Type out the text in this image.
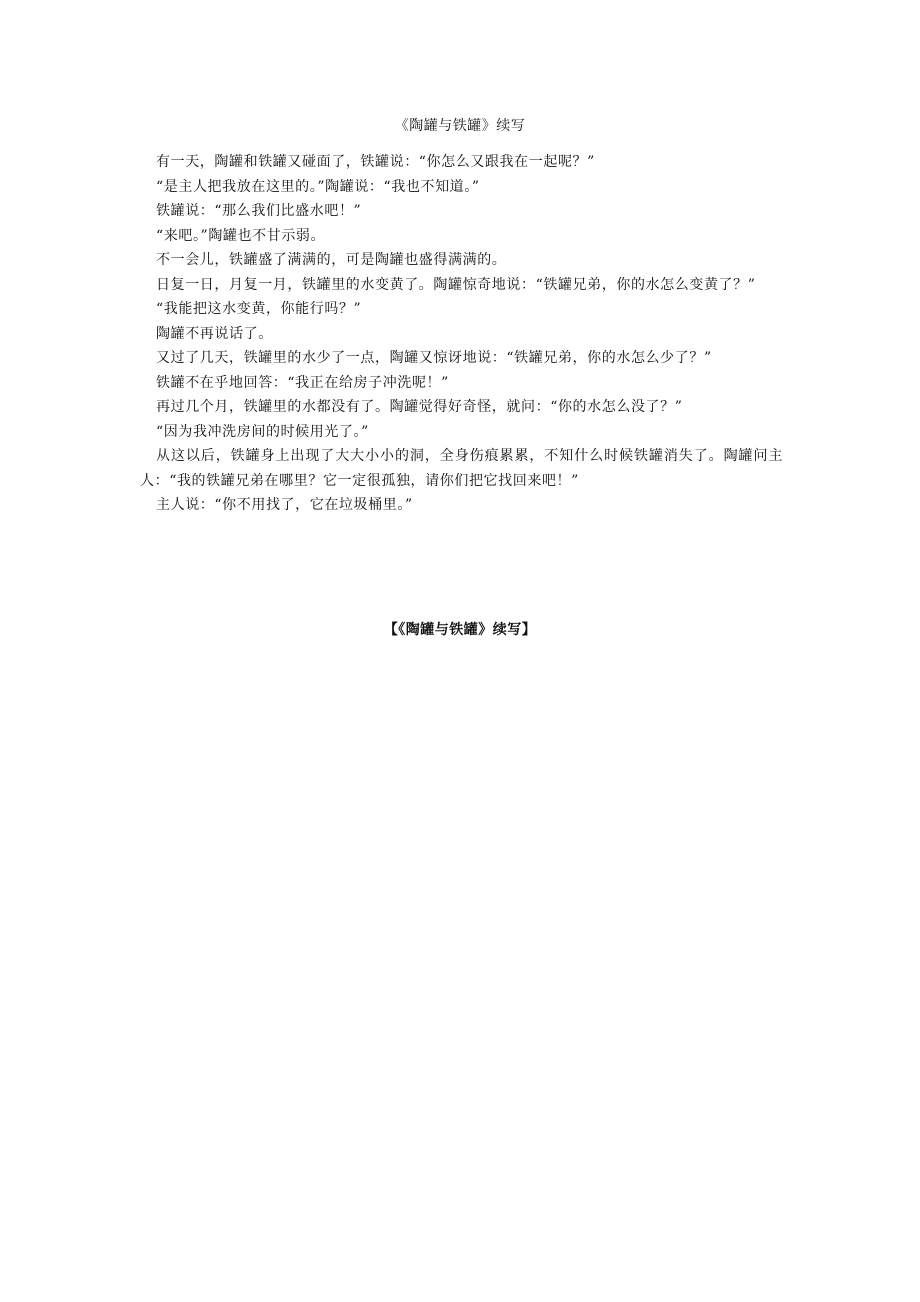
《陶罐与铁罐》续写

有一天，陶罐和铁罐又碰面了，铁罐说：“你怎么又跟我在一起呢？”

“是主人把我放在这里的。”陶罐说：“我也不知道。”

铁罐说：“那么我们比盛水吧！”

“来吧。”陶罐也不甘示弱。

不一会儿，铁罐盛了满满的，可是陶罐也盛得满满的。

日复一日，月复一月，铁罐里的水变黄了。陶罐惊奇地说：“铁罐兄弟，你的水怎么变黄了？”

“我能把这水变黄，你能行吗？”

陶罐不再说话了。

又过了几天，铁罐里的水少了一点，陶罐又惊讶地说：“铁罐兄弟，你的水怎么少了？”

铁罐不在乎地回答：“我正在给房子冲洗呢！”

再过几个月，铁罐里的水都没有了。陶罐觉得好奇怪，就问：“你的水怎么没了？”

“因为我冲洗房间的时候用光了。”

从这以后，铁罐身上出现了大大小小的洞，全身伤痕累累，不知什么时候铁罐消失了。陶罐问主人：“我的铁罐兄弟在哪里？它一定很孤独，请你们把它找回来吧！”

主人说：“你不用找了，它在垃圾桶里。”

【《陶罐与铁罐》续写】
